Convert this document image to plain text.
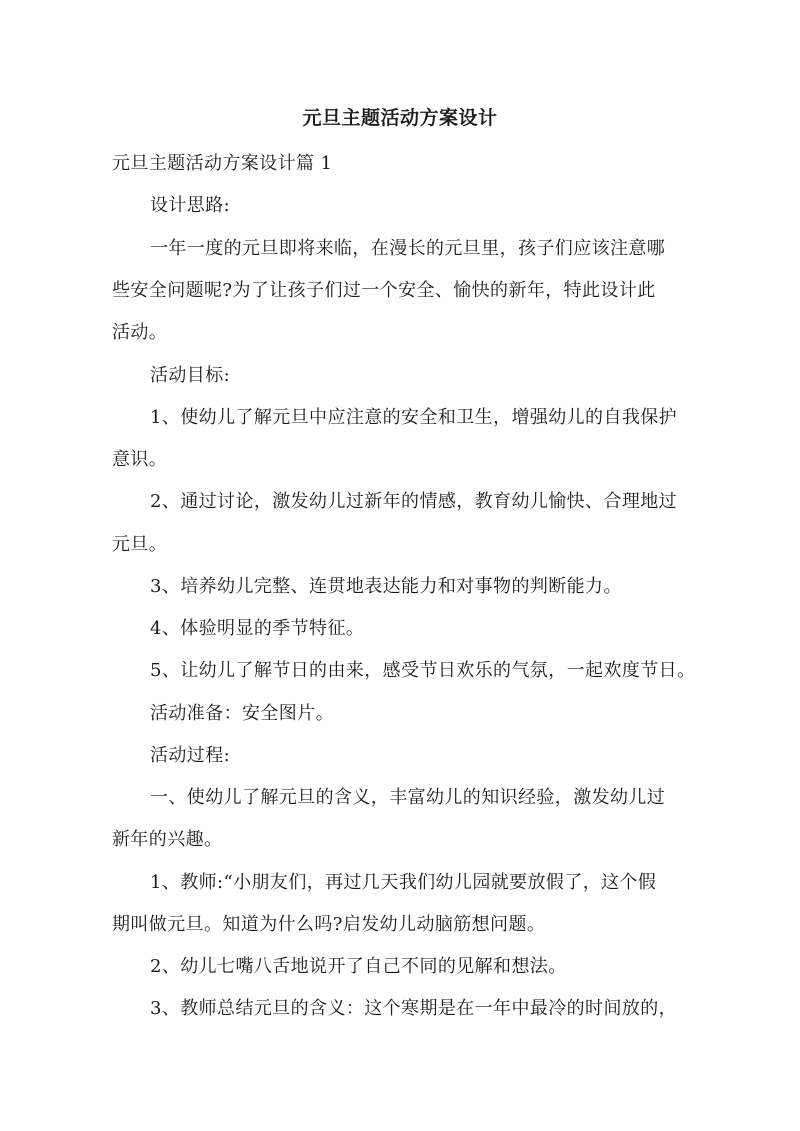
元旦主题活动方案设计

元旦主题活动方案设计篇 1

设计思路:

一年一度的元旦即将来临，在漫长的元旦里，孩子们应该注意哪

些安全问题呢?为了让孩子们过一个安全、愉快的新年，特此设计此

活动。

活动目标:

1、使幼儿了解元旦中应注意的安全和卫生，增强幼儿的自我保护

意识。

2、通过讨论，激发幼儿过新年的情感，教育幼儿愉快、合理地过

元旦。

3、培养幼儿完整、连贯地表达能力和对事物的判断能力。

4、体验明显的季节特征。

5、让幼儿了解节日的由来，感受节日欢乐的气氛，一起欢度节日。

活动准备：安全图片。

活动过程:

一、使幼儿了解元旦的含义，丰富幼儿的知识经验，激发幼儿过

新年的兴趣。

1、教师:“小朋友们，再过几天我们幼儿园就要放假了，这个假

期叫做元旦。知道为什么吗?启发幼儿动脑筋想问题。

2、幼儿七嘴八舌地说开了自己不同的见解和想法。

3、教师总结元旦的含义：这个寒期是在一年中最冷的时间放的，
